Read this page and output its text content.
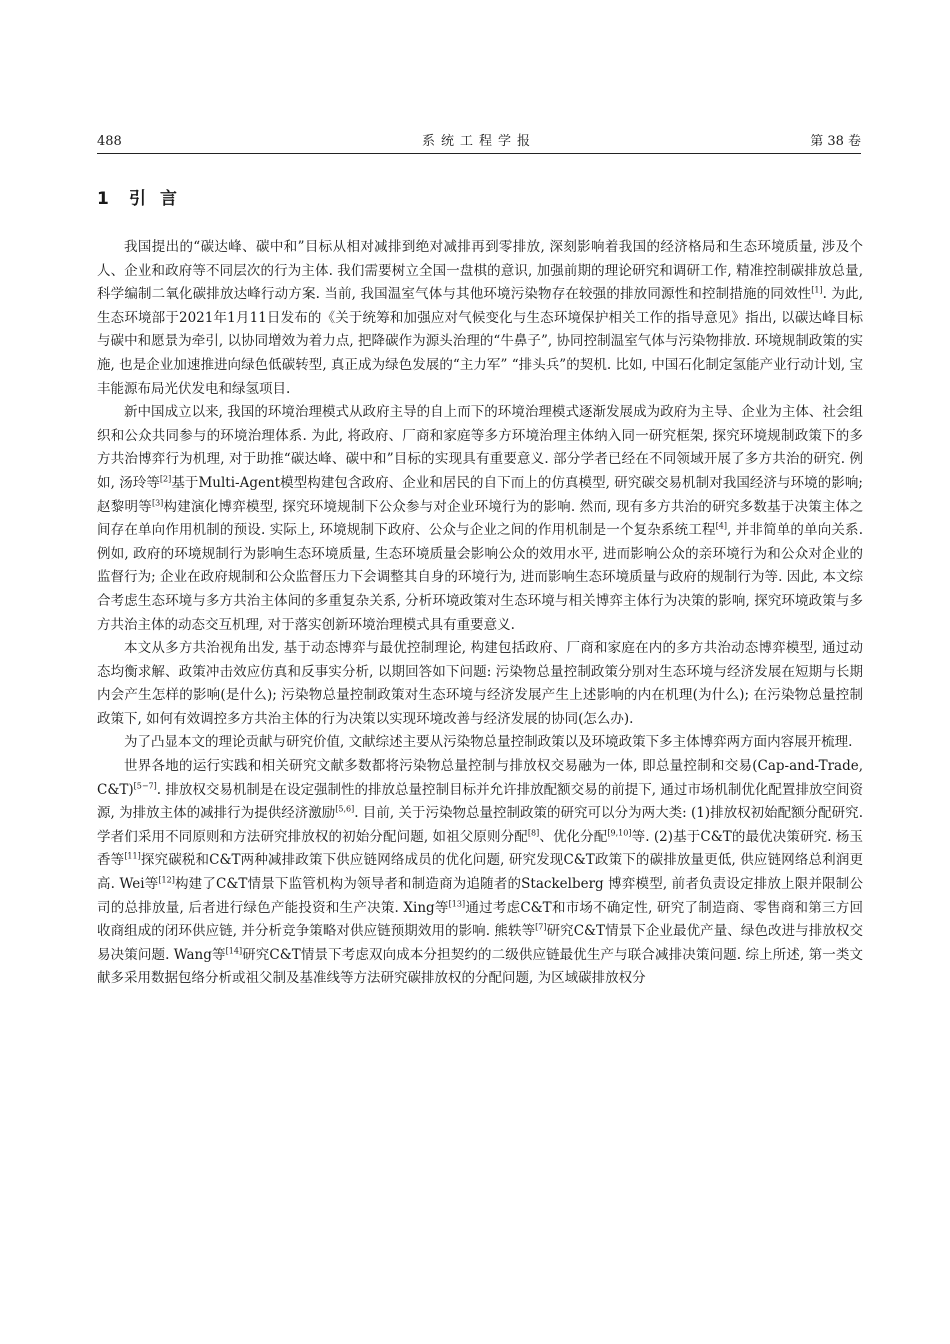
488	系统工程学报	第 38 卷
1 引言

我国提出的“碳达峰、碳中和”目标从相对减排到绝对减排再到零排放, 深刻影响着我国的经济格局和生态环境质量, 涉及个人、企业和政府等不同层次的行为主体. 我们需要树立全国一盘棋的意识, 加强前期的理论研究和调研工作, 精准控制碳排放总量, 科学编制二氧化碳排放达峰行动方案. 当前, 我国温室气体与其他环境污染物存在较强的排放同源性和控制措施的同效性[1]. 为此, 生态环境部于2021年1月11日发布的《关于统筹和加强应对气候变化与生态环境保护相关工作的指导意见》指出, 以碳达峰目标与碳中和愿景为牵引, 以协同增效为着力点, 把降碳作为源头治理的“牛鼻子”, 协同控制温室气体与污染物排放. 环境规制政策的实施, 也是企业加速推进向绿色低碳转型, 真正成为绿色发展的“主力军” “排头兵”的契机. 比如, 中国石化制定氢能产业行动计划, 宝丰能源布局光伏发电和绿氢项目.

新中国成立以来, 我国的环境治理模式从政府主导的自上而下的环境治理模式逐渐发展成为政府为主导、企业为主体、社会组织和公众共同参与的环境治理体系. 为此, 将政府、厂商和家庭等多方环境治理主体纳入同一研究框架, 探究环境规制政策下的多方共治博弈行为机理, 对于助推“碳达峰、碳中和”目标的实现具有重要意义. 部分学者已经在不同领域开展了多方共治的研究. 例如, 汤玲等[2]基于Multi-Agent模型构建包含政府、企业和居民的自下而上的仿真模型, 研究碳交易机制对我国经济与环境的影响; 赵黎明等[3]构建演化博弈模型, 探究环境规制下公众参与对企业环境行为的影响. 然而, 现有多方共治的研究多数基于决策主体之间存在单向作用机制的预设. 实际上, 环境规制下政府、公众与企业之间的作用机制是一个复杂系统工程[4], 并非简单的单向关系. 例如, 政府的环境规制行为影响生态环境质量, 生态环境质量会影响公众的效用水平, 进而影响公众的亲环境行为和公众对企业的监督行为; 企业在政府规制和公众监督压力下会调整其自身的环境行为, 进而影响生态环境质量与政府的规制行为等. 因此, 本文综合考虑生态环境与多方共治主体间的多重复杂关系, 分析环境政策对生态环境与相关博弈主体行为决策的影响, 探究环境政策与多方共治主体的动态交互机理, 对于落实创新环境治理模式具有重要意义.

本文从多方共治视角出发, 基于动态博弈与最优控制理论, 构建包括政府、厂商和家庭在内的多方共治动态博弈模型, 通过动态均衡求解、政策冲击效应仿真和反事实分析, 以期回答如下问题: 污染物总量控制政策分别对生态环境与经济发展在短期与长期内会产生怎样的影响(是什么); 污染物总量控制政策对生态环境与经济发展产生上述影响的内在机理(为什么); 在污染物总量控制政策下, 如何有效调控多方共治主体的行为决策以实现环境改善与经济发展的协同(怎么办).

为了凸显本文的理论贡献与研究价值, 文献综述主要从污染物总量控制政策以及环境政策下多主体博弈两方面内容展开梳理.

世界各地的运行实践和相关研究文献多数都将污染物总量控制与排放权交易融为一体, 即总量控制和交易(Cap-and-Trade, C&T)[5−7]. 排放权交易机制是在设定强制性的排放总量控制目标并允许排放配额交易的前提下, 通过市场机制优化配置排放空间资源, 为排放主体的减排行为提供经济激励[5,6]. 目前, 关于污染物总量控制政策的研究可以分为两大类: (1)排放权初始配额分配研究. 学者们采用不同原则和方法研究排放权的初始分配问题, 如祖父原则分配[8]、优化分配[9,10]等. (2)基于C&T的最优决策研究. 杨玉香等[11]探究碳税和C&T两种减排政策下供应链网络成员的优化问题, 研究发现C&T政策下的碳排放量更低, 供应链网络总利润更高. Wei等[12]构建了C&T情景下监管机构为领导者和制造商为追随者的Stackelberg 博弈模型, 前者负责设定排放上限并限制公司的总排放量, 后者进行绿色产能投资和生产决策. Xing等[13]通过考虑C&T和市场不确定性, 研究了制造商、零售商和第三方回收商组成的闭环供应链, 并分析竞争策略对供应链预期效用的影响. 熊轶等[7]研究C&T情景下企业最优产量、绿色改进与排放权交易决策问题. Wang等[14]研究C&T情景下考虑双向成本分担契约的二级供应链最优生产与联合减排决策问题. 综上所述, 第一类文献多采用数据包络分析或祖父制及基准线等方法研究碳排放权的分配问题, 为区域碳排放权分
